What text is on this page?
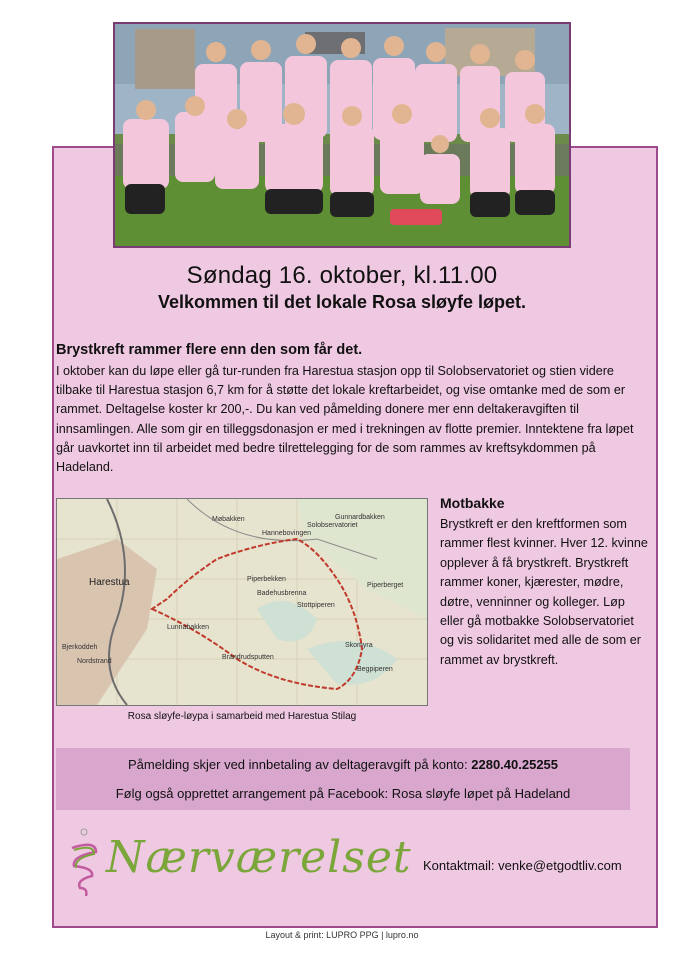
Søndag 16. oktober, kl.11.00
Velkommen til det lokale Rosa sløyfe løpet.
Brystkreft rammer flere enn den som får det.
I oktober kan du løpe eller gå tur-runden fra Harestua stasjon opp til Solobservatoriet og stien videre tilbake til Harestua stasjon 6,7 km for å støtte det lokale kreftarbeidet, og vise omtanke med de som er rammet. Deltagelse koster kr 200,-. Du kan ved påmelding donere mer enn deltakeravgiften til innsamlingen. Alle som gir en tilleggsdonasjon er med i trekningen av flotte premier. Inntektene fra løpet går uavkortet inn til arbeidet med bedre tilrettelegging for de som rammes av kreftsykdommen på Hadeland.
Harestua
Solobservatoriet
Stottpiperen
Lunnabakken
Bjerkoddeh
Nordstrand
Møbakken
Hannebovingen
Gunnardbakken
Piperbekken
Badehusbrenna
Brandrudsputten
Begpiperen
Piperberget
Skomyra
Rosa sløyfe-løypa i samarbeid med Harestua Stilag
Motbakke
Brystkreft er den kreftformen som rammer flest kvinner. Hver 12. kvinne opplever å få brystkreft. Brystkreft rammer koner, kjærester, mødre, døtre, venninner og kolleger. Løp eller gå motbakke Solobservatoriet og vis solidaritet med alle de som er rammet av brystkreft.
Påmelding skjer ved innbetaling av deltageravgift på konto: 2280.40.25255
Følg også opprettet arrangement på Facebook: Rosa sløyfe løpet på Hadeland
Nærværelset Kontaktmail: venke@etgodtliv.com
Layout & print: LUPRO PPG | lupro.no
